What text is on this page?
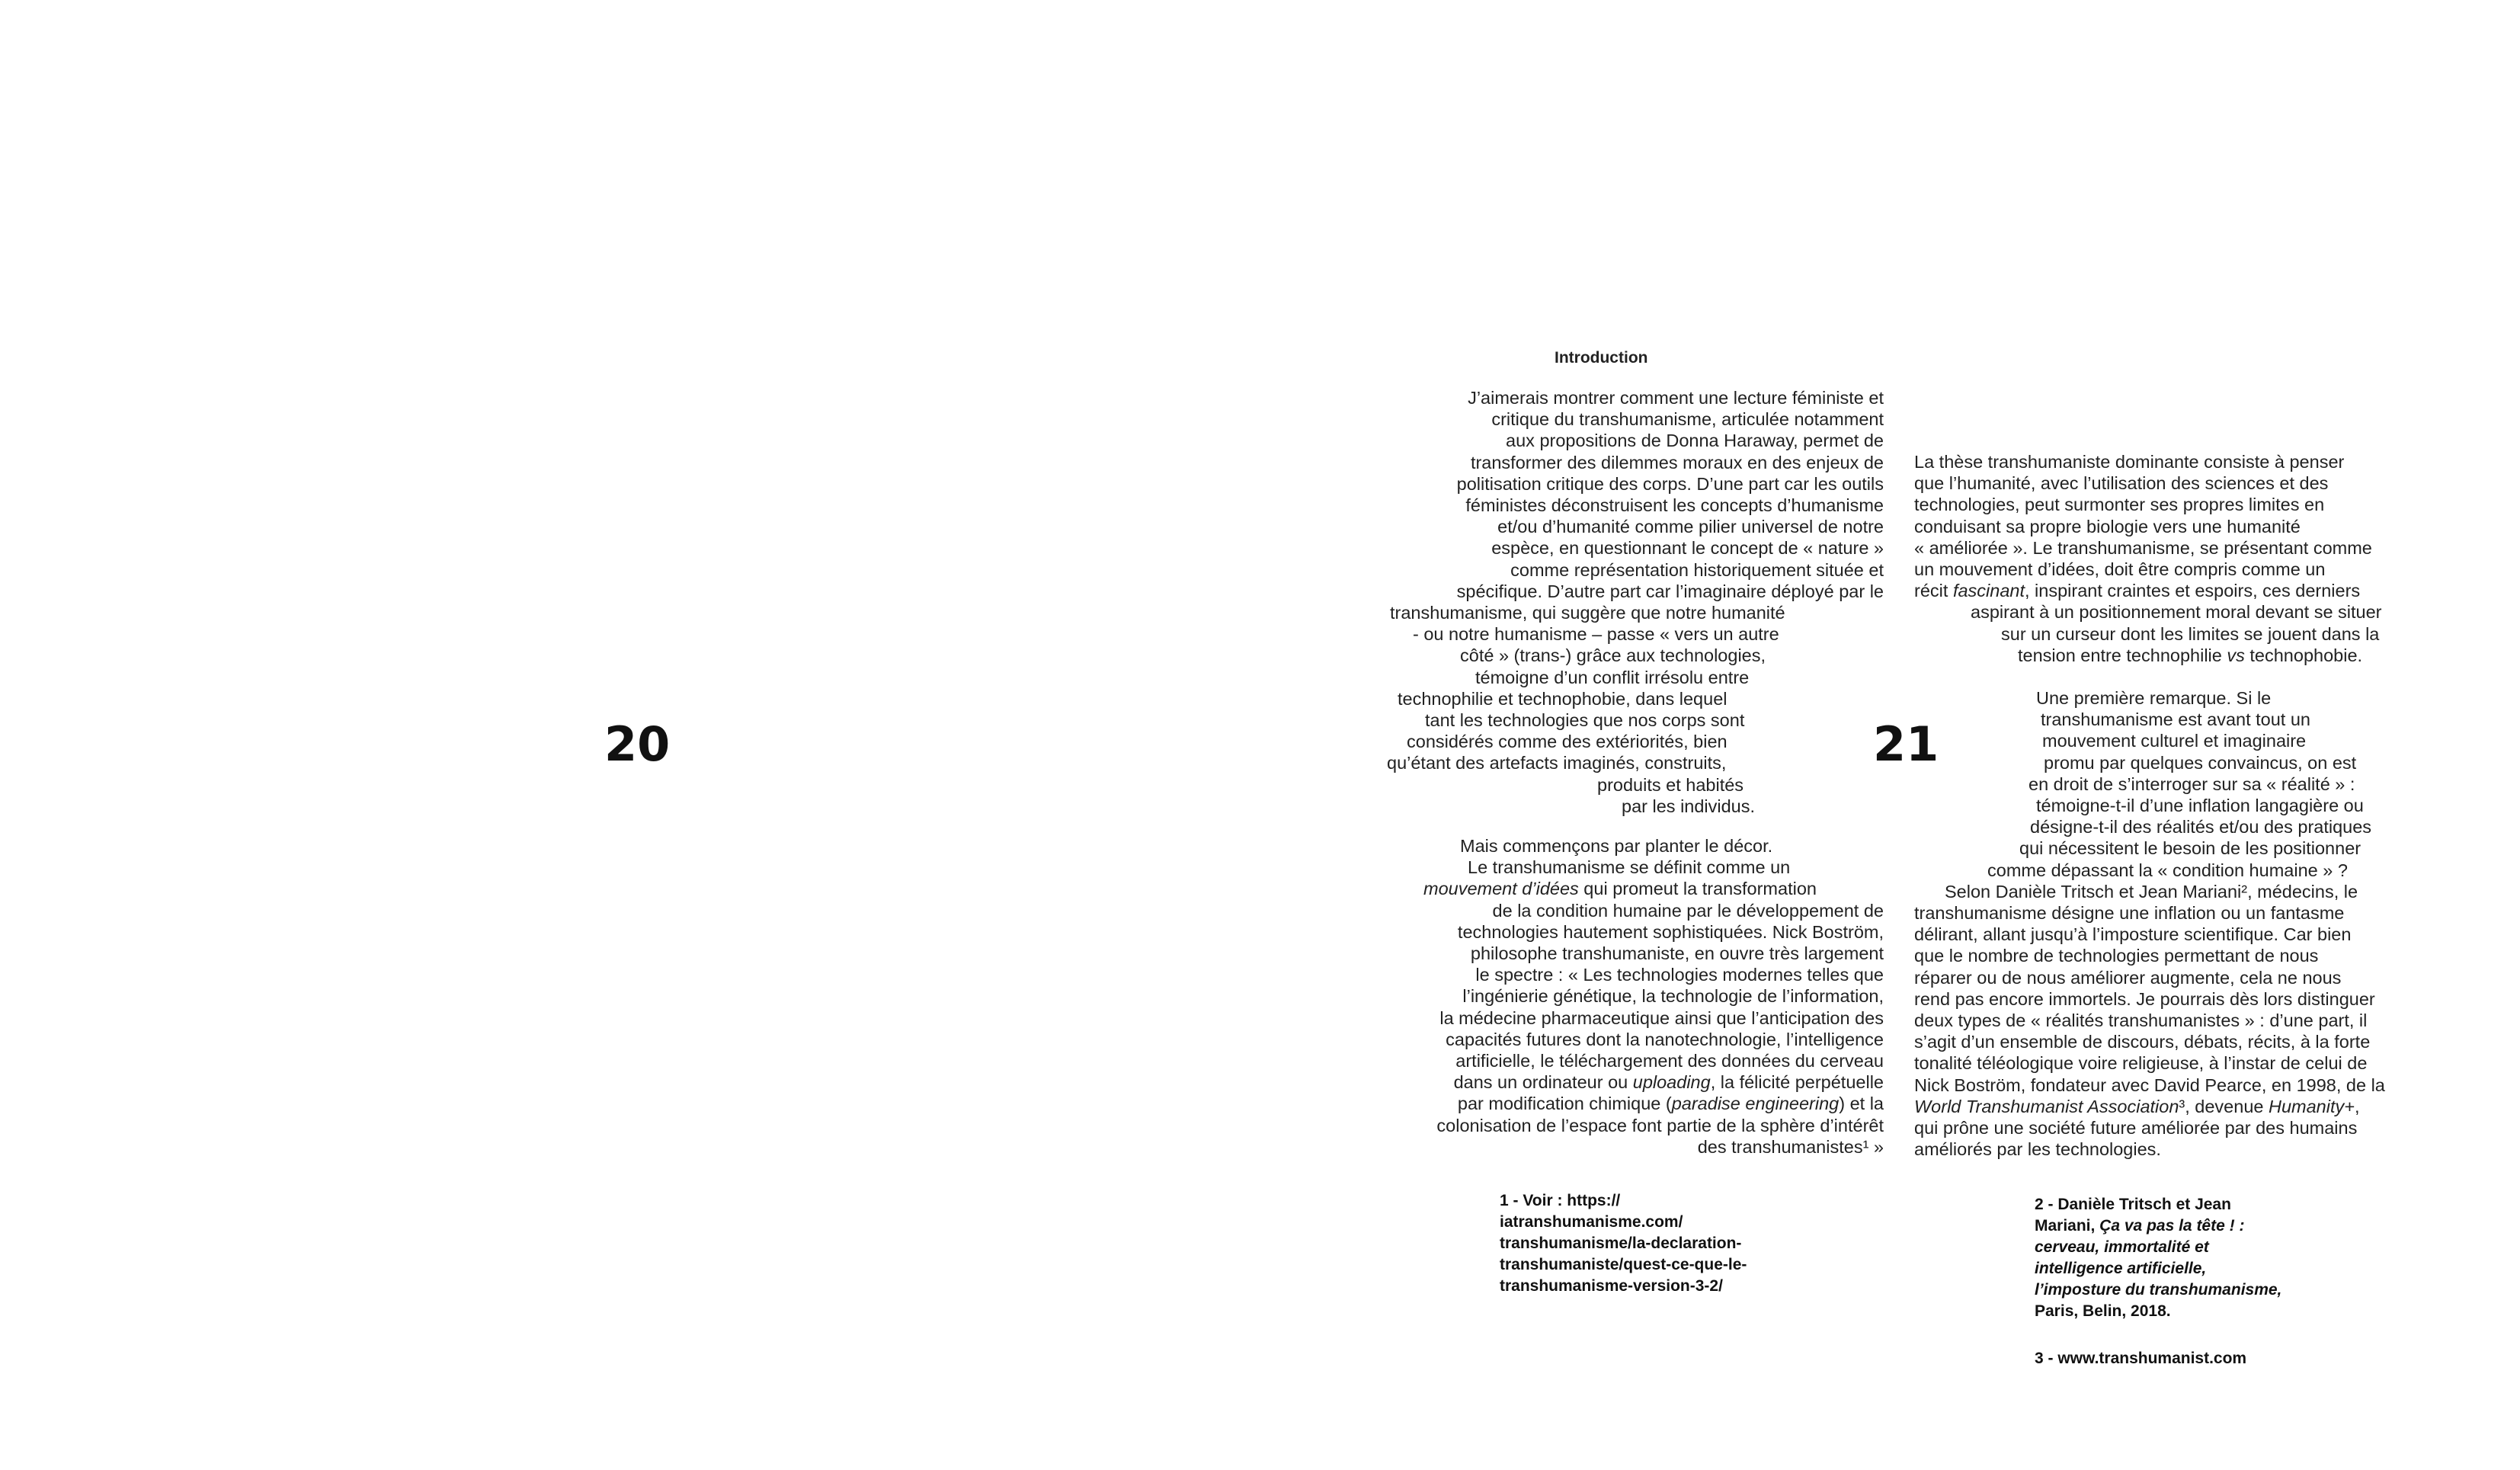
20	21
Introduction
J’aimerais montrer comment une lecture féministe et
critique du transhumanisme, articulée notamment
aux propositions de Donna Haraway, permet de
transformer des dilemmes moraux en des enjeux de
politisation critique des corps. D’une part car les outils
féministes déconstruisent les concepts d’humanisme
et/ou d’humanité comme pilier universel de notre
espèce, en questionnant le concept de « nature »
comme représentation historiquement située et
spécifique. D’autre part car l’imaginaire déployé par le
transhumanisme, qui suggère que notre humanité
- ou notre humanisme – passe « vers un autre
côté » (trans-) grâce aux technologies,
témoigne d’un conflit irrésolu entre
technophilie et technophobie, dans lequel
tant les technologies que nos corps sont
considérés comme des extériorités, bien
qu’étant des artefacts imaginés, construits,
produits et habités
par les individus.
Mais commençons par planter le décor.
Le transhumanisme se définit comme un
mouvement d’idées qui promeut la transformation
de la condition humaine par le développement de
technologies hautement sophistiquées. Nick Boström,
philosophe transhumaniste, en ouvre très largement
le spectre : « Les technologies modernes telles que
l’ingénierie génétique, la technologie de l’information,
la médecine pharmaceutique ainsi que l’anticipation des
capacités futures dont la nanotechnologie, l’intelligence
artificielle, le téléchargement des données du cerveau
dans un ordinateur ou uploading, la félicité perpétuelle
par modification chimique (paradise engineering) et la
colonisation de l’espace font partie de la sphère d’intérêt
des transhumanistes¹ »
La thèse transhumaniste dominante consiste à penser
que l’humanité, avec l’utilisation des sciences et des
technologies, peut surmonter ses propres limites en
conduisant sa propre biologie vers une humanité
« améliorée ». Le transhumanisme, se présentant comme
un mouvement d’idées, doit être compris comme un
récit fascinant, inspirant craintes et espoirs, ces derniers
aspirant à un positionnement moral devant se situer
sur un curseur dont les limites se jouent dans la
tension entre technophilie vs technophobie.
Une première remarque. Si le
transhumanisme est avant tout un
mouvement culturel et imaginaire
promu par quelques convaincus, on est
en droit de s’interroger sur sa « réalité » :
témoigne-t-il d’une inflation langagière ou
désigne-t-il des réalités et/ou des pratiques
qui nécessitent le besoin de les positionner
comme dépassant la « condition humaine » ?
Selon Danièle Tritsch et Jean Mariani², médecins, le
transhumanisme désigne une inflation ou un fantasme
délirant, allant jusqu’à l’imposture scientifique. Car bien
que le nombre de technologies permettant de nous
réparer ou de nous améliorer augmente, cela ne nous
rend pas encore immortels. Je pourrais dès lors distinguer
deux types de « réalités transhumanistes » : d’une part, il
s’agit d’un ensemble de discours, débats, récits, à la forte
tonalité téléologique voire religieuse, à l’instar de celui de
Nick Boström, fondateur avec David Pearce, en 1998, de la
World Transhumanist Association³, devenue Humanity+,
qui prône une société future améliorée par des humains
améliorés par les technologies.
1 - Voir : https://
iatranshumanisme.com/
transhumanisme/la-declaration-
transhumaniste/quest-ce-que-le-
transhumanisme-version-3-2/
2 - Danièle Tritsch et Jean
Mariani, Ça va pas la tête ! :
cerveau, immortalité et
intelligence artificielle,
l’imposture du transhumanisme,
Paris, Belin, 2018.
3 - www.transhumanist.com
